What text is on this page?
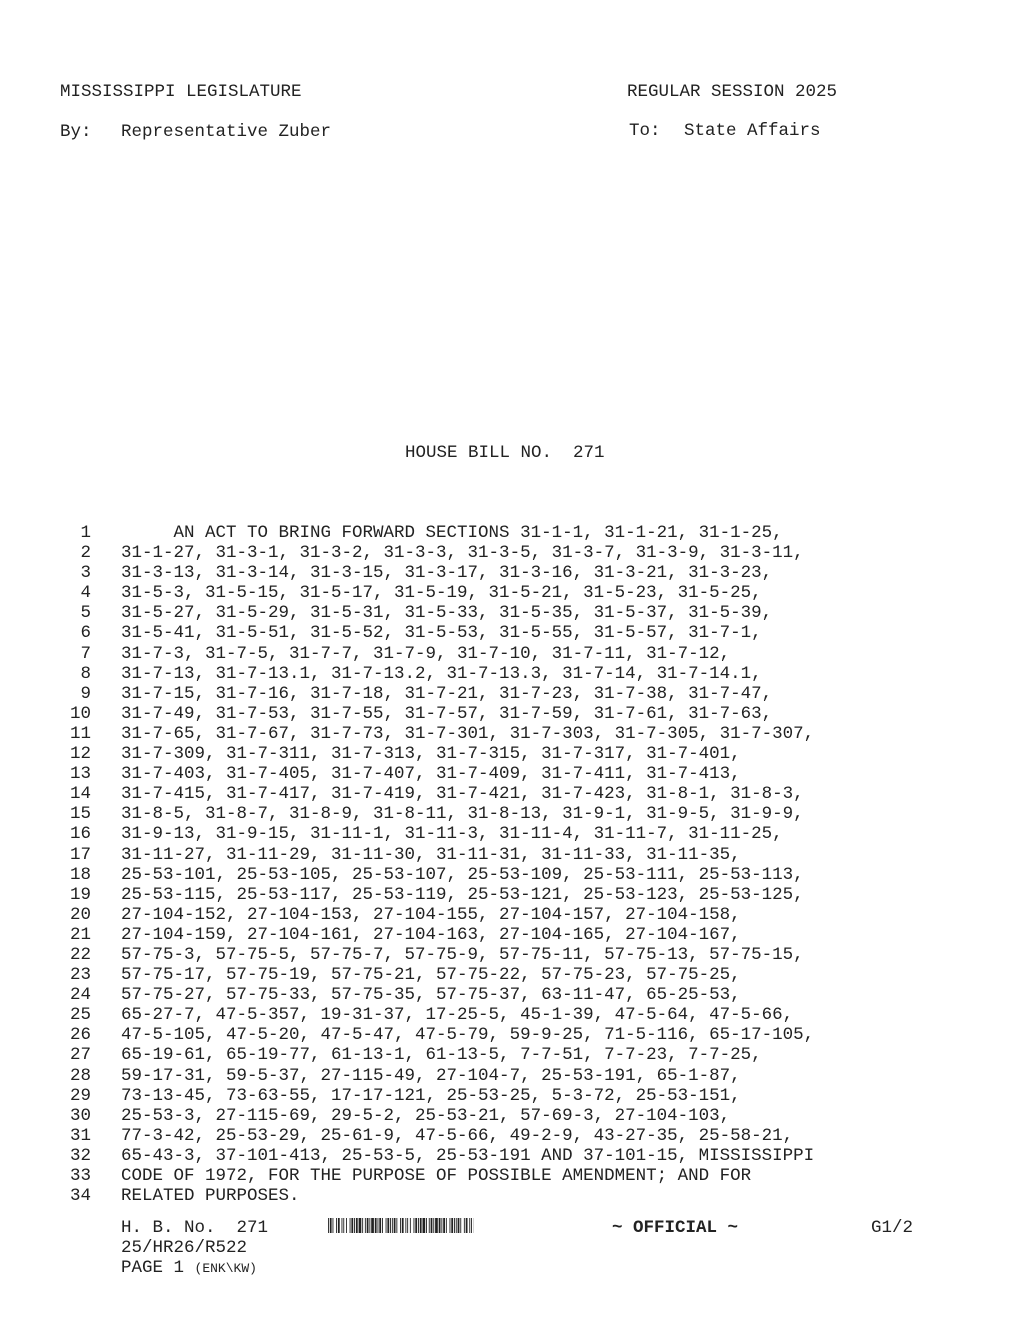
MISSISSIPPI LEGISLATURE	REGULAR SESSION 2025
By: Representative Zuber	To: State Affairs
HOUSE BILL NO.  271
1 AN ACT TO BRING FORWARD SECTIONS 31-1-1, 31-1-21, 31-1-25,
2 31-1-27, 31-3-1, 31-3-2, 31-3-3, 31-3-5, 31-3-7, 31-3-9, 31-3-11,
3 31-3-13, 31-3-14, 31-3-15, 31-3-17, 31-3-16, 31-3-21, 31-3-23,
4 31-5-3, 31-5-15, 31-5-17, 31-5-19, 31-5-21, 31-5-23, 31-5-25,
5 31-5-27, 31-5-29, 31-5-31, 31-5-33, 31-5-35, 31-5-37, 31-5-39,
6 31-5-41, 31-5-51, 31-5-52, 31-5-53, 31-5-55, 31-5-57, 31-7-1,
7 31-7-3, 31-7-5, 31-7-7, 31-7-9, 31-7-10, 31-7-11, 31-7-12,
8 31-7-13, 31-7-13.1, 31-7-13.2, 31-7-13.3, 31-7-14, 31-7-14.1,
9 31-7-15, 31-7-16, 31-7-18, 31-7-21, 31-7-23, 31-7-38, 31-7-47,
10 31-7-49, 31-7-53, 31-7-55, 31-7-57, 31-7-59, 31-7-61, 31-7-63,
11 31-7-65, 31-7-67, 31-7-73, 31-7-301, 31-7-303, 31-7-305, 31-7-307,
12 31-7-309, 31-7-311, 31-7-313, 31-7-315, 31-7-317, 31-7-401,
13 31-7-403, 31-7-405, 31-7-407, 31-7-409, 31-7-411, 31-7-413,
14 31-7-415, 31-7-417, 31-7-419, 31-7-421, 31-7-423, 31-8-1, 31-8-3,
15 31-8-5, 31-8-7, 31-8-9, 31-8-11, 31-8-13, 31-9-1, 31-9-5, 31-9-9,
16 31-9-13, 31-9-15, 31-11-1, 31-11-3, 31-11-4, 31-11-7, 31-11-25,
17 31-11-27, 31-11-29, 31-11-30, 31-11-31, 31-11-33, 31-11-35,
18 25-53-101, 25-53-105, 25-53-107, 25-53-109, 25-53-111, 25-53-113,
19 25-53-115, 25-53-117, 25-53-119, 25-53-121, 25-53-123, 25-53-125,
20 27-104-152, 27-104-153, 27-104-155, 27-104-157, 27-104-158,
21 27-104-159, 27-104-161, 27-104-163, 27-104-165, 27-104-167,
22 57-75-3, 57-75-5, 57-75-7, 57-75-9, 57-75-11, 57-75-13, 57-75-15,
23 57-75-17, 57-75-19, 57-75-21, 57-75-22, 57-75-23, 57-75-25,
24 57-75-27, 57-75-33, 57-75-35, 57-75-37, 63-11-47, 65-25-53,
25 65-27-7, 47-5-357, 19-31-37, 17-25-5, 45-1-39, 47-5-64, 47-5-66,
26 47-5-105, 47-5-20, 47-5-47, 47-5-79, 59-9-25, 71-5-116, 65-17-105,
27 65-19-61, 65-19-77, 61-13-1, 61-13-5, 7-7-51, 7-7-23, 7-7-25,
28 59-17-31, 59-5-37, 27-115-49, 27-104-7, 25-53-191, 65-1-87,
29 73-13-45, 73-63-55, 17-17-121, 25-53-25, 5-3-72, 25-53-151,
30 25-53-3, 27-115-69, 29-5-2, 25-53-21, 57-69-3, 27-104-103,
31 77-3-42, 25-53-29, 25-61-9, 47-5-66, 49-2-9, 43-27-35, 25-58-21,
32 65-43-3, 37-101-413, 25-53-5, 25-53-191 AND 37-101-15, MISSISSIPPI
33 CODE OF 1972, FOR THE PURPOSE OF POSSIBLE AMENDMENT; AND FOR
34 RELATED PURPOSES.
H. B. No.  271	~ OFFICIAL ~	G1/2
25/HR26/R522
PAGE 1 (ENK\KW)
